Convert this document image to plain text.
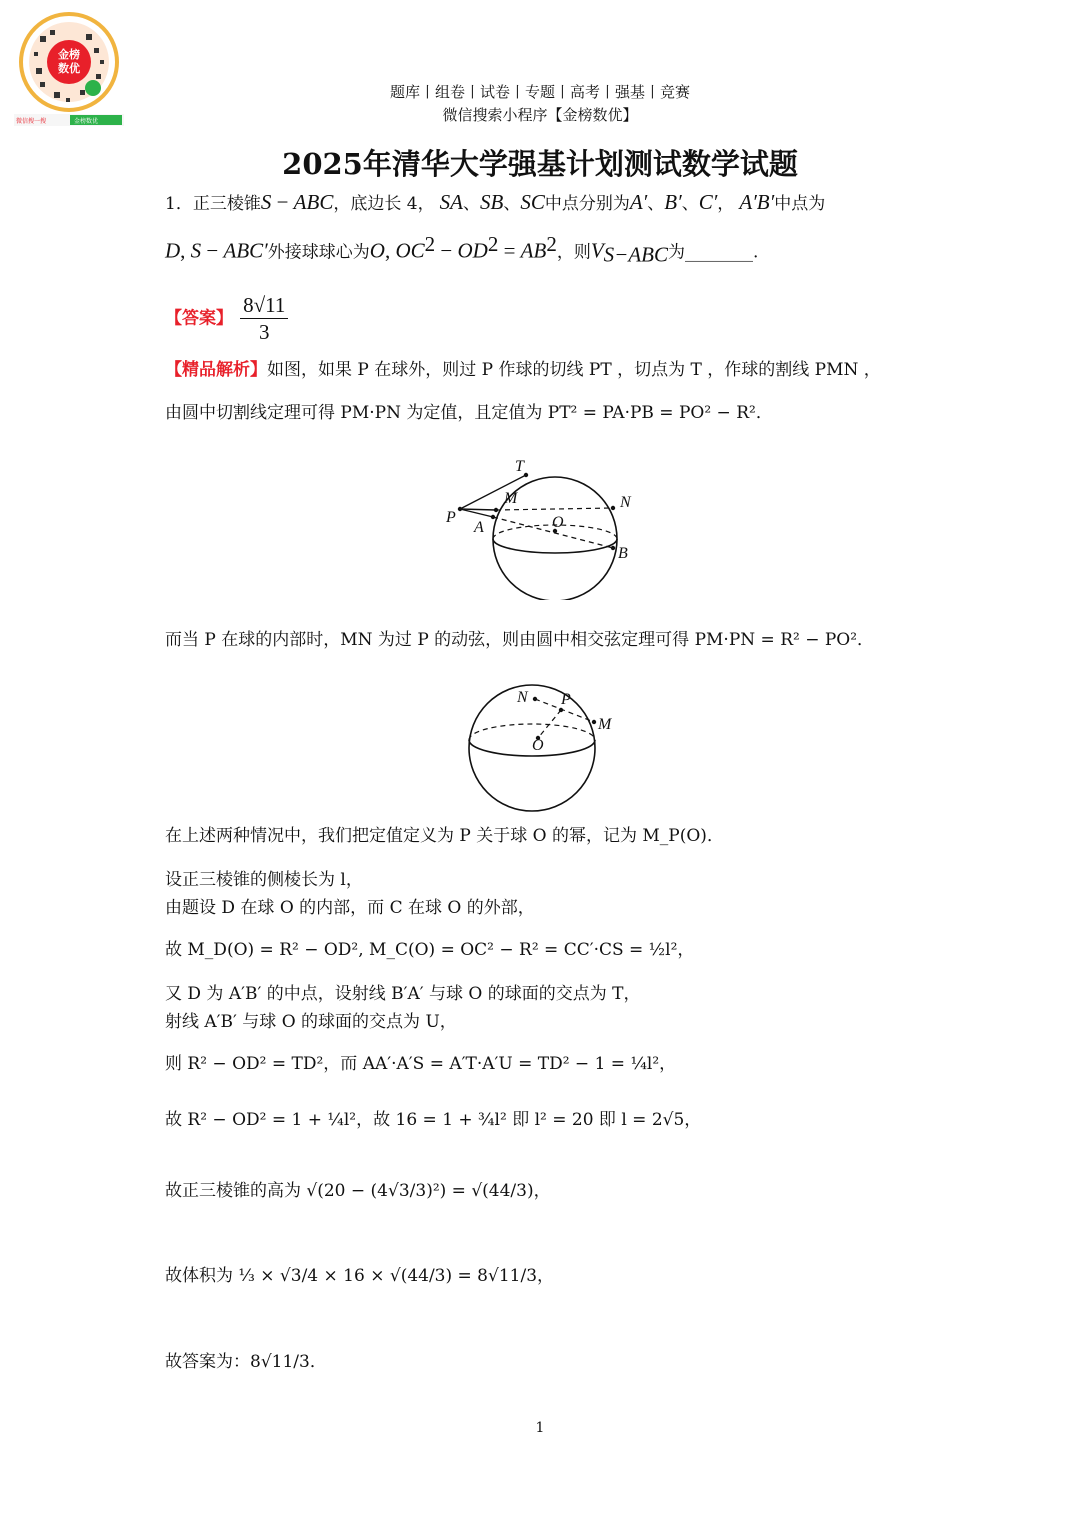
金榜
数优
微信搜一搜	金榜数优
题库丨组卷丨试卷丨专题丨高考丨强基丨竞赛
微信搜索小程序【金榜数优】
2025年清华大学强基计划测试数学试题
1．正三棱锥S − ABC，底边长 4， SA、SB、SC中点分别为A′、B′、C′， A′B′中点为
D, S − ABC′外接球球心为O, $OC^2 - OD^2 = AB^2$，则$V_{S-ABC}$为________.
【答案】 $\frac{8√11}{3}$
【精品解析】如图，如果 P 在球外，则过 P 作球的切线 PT ，切点为 T ，作球的割线 PMN ，
由圆中切割线定理可得 PM·PN 为定值，且定值为 PT² = PA·PB = PO² − R²．
T
M	N
P
A	O
B
而当 P 在球的内部时，MN 为过 P 的动弦，则由圆中相交弦定理可得 PM·PN = R² − PO²．
N P
M
O
在上述两种情况中，我们把定值定义为 P 关于球 O 的幂，记为 M_P(O)．
设正三棱锥的侧棱长为 l，
由题设 D 在球 O 的内部，而 C 在球 O 的外部，
故 M_D(O) = R² − OD², M_C(O) = OC² − R² = CC′·CS = ½l²，
又 D 为 A′B′ 的中点，设射线 B′A′ 与球 O 的球面的交点为 T，
射线 A′B′ 与球 O 的球面的交点为 U，
则 R² − OD² = TD²，而 AA′·A′S = A′T·A′U = TD² − 1 = ¼l²，
故 R² − OD² = 1 + ¼l²，故 16 = 1 + ¾l² 即 l² = 20 即 l = 2√5，
故正三棱锥的高为 √(20 − (4√3/3)²) = √(44/3)，
故体积为 ⅓ × √3/4 × 16 × √(44/3) = 8√11/3，
故答案为：8√11/3．
1
